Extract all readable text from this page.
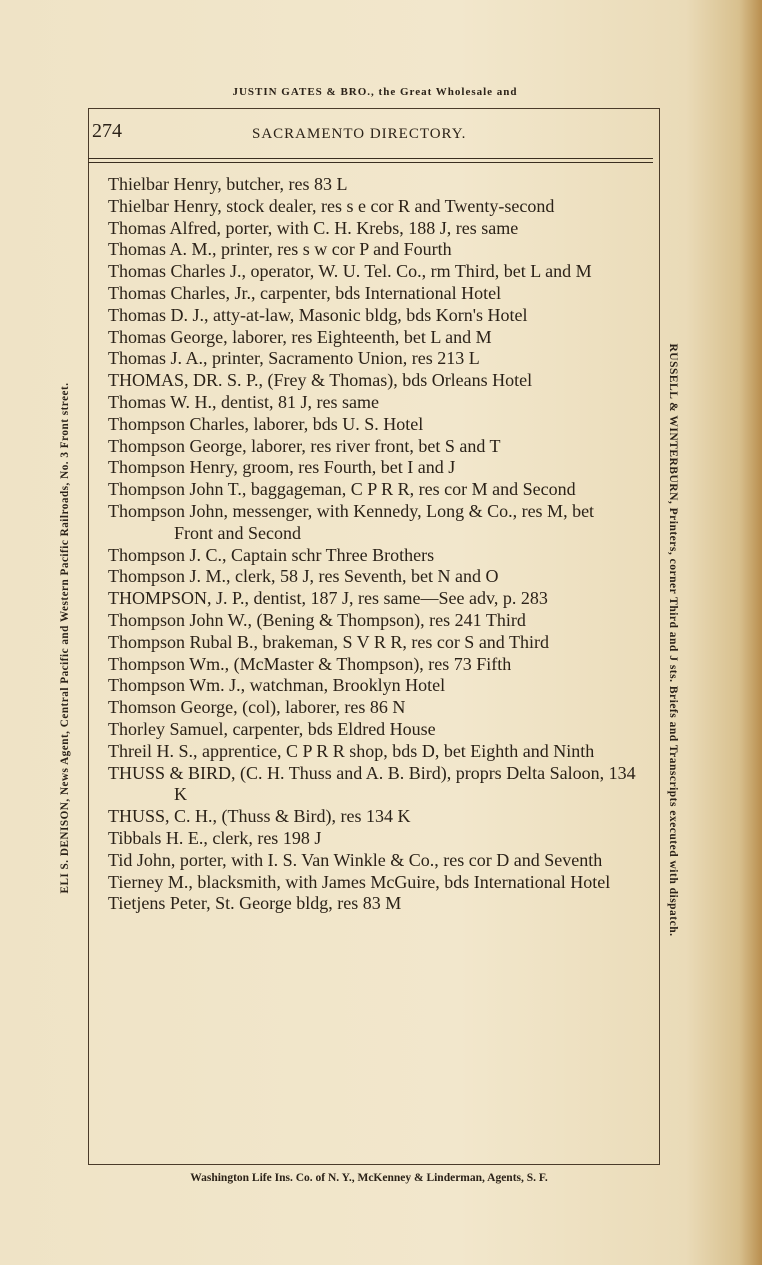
JUSTIN GATES & BRO., the Great Wholesale and
274	SACRAMENTO DIRECTORY.
ELI S. DENISON, News Agent, Central Pacific and Western Pacific Railroads, No. 3 Front street.	RUSSELL & WINTERBURN, Printers, corner Third and J sts. Briefs and Transcripts executed with dispatch.
Thielbar Henry, butcher, res 83 L
Thielbar Henry, stock dealer, res s e cor R and Twenty-second
Thomas Alfred, porter, with C. H. Krebs, 188 J, res same
Thomas A. M., printer, res s w cor P and Fourth
Thomas Charles J., operator, W. U. Tel. Co., rm Third, bet L and M
Thomas Charles, Jr., carpenter, bds International Hotel
Thomas D. J., atty-at-law, Masonic bldg, bds Korn's Hotel
Thomas George, laborer, res Eighteenth, bet L and M
Thomas J. A., printer, Sacramento Union, res 213 L
THOMAS, DR. S. P., (Frey & Thomas), bds Orleans Hotel
Thomas W. H., dentist, 81 J, res same
Thompson Charles, laborer, bds U. S. Hotel
Thompson George, laborer, res river front, bet S and T
Thompson Henry, groom, res Fourth, bet I and J
Thompson John T., baggageman, C P R R, res cor M and Second
Thompson John, messenger, with Kennedy, Long & Co., res M, bet Front and Second
Thompson J. C., Captain schr Three Brothers
Thompson J. M., clerk, 58 J, res Seventh, bet N and O
THOMPSON, J. P., dentist, 187 J, res same—See adv, p. 283
Thompson John W., (Bening & Thompson), res 241 Third
Thompson Rubal B., brakeman, S V R R, res cor S and Third
Thompson Wm., (McMaster & Thompson), res 73 Fifth
Thompson Wm. J., watchman, Brooklyn Hotel
Thomson George, (col), laborer, res 86 N
Thorley Samuel, carpenter, bds Eldred House
Threil H. S., apprentice, C P R R shop, bds D, bet Eighth and Ninth
THUSS & BIRD, (C. H. Thuss and A. B. Bird), proprs Delta Saloon, 134 K
THUSS, C. H., (Thuss & Bird), res 134 K
Tibbals H. E., clerk, res 198 J
Tid John, porter, with I. S. Van Winkle & Co., res cor D and Seventh
Tierney M., blacksmith, with James McGuire, bds International Hotel
Tietjens Peter, St. George bldg, res 83 M
Washington Life Ins. Co. of N. Y., McKenney & Linderman, Agents, S. F.
